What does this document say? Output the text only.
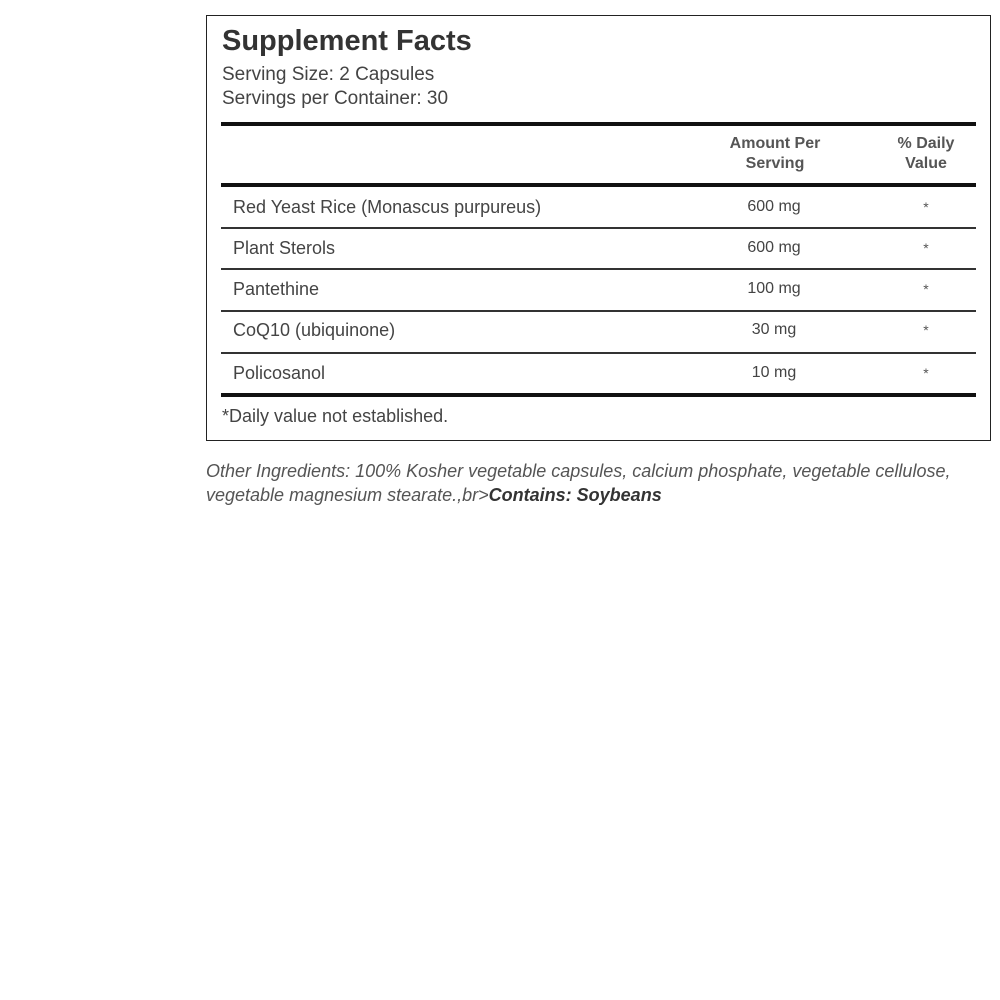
Supplement Facts
Serving Size: 2 Capsules
Servings per Container: 30
Amount Per
Serving
% Daily
Value
Red Yeast Rice (Monascus purpureus)	600 mg	*
Plant Sterols	600 mg	*
Pantethine	100 mg	*
CoQ10 (ubiquinone)	30 mg	*
Policosanol	10 mg	*
*Daily value not established.
Other Ingredients: 100% Kosher vegetable capsules, calcium phosphate, vegetable cellulose, vegetable magnesium stearate.,br>Contains: Soybeans
